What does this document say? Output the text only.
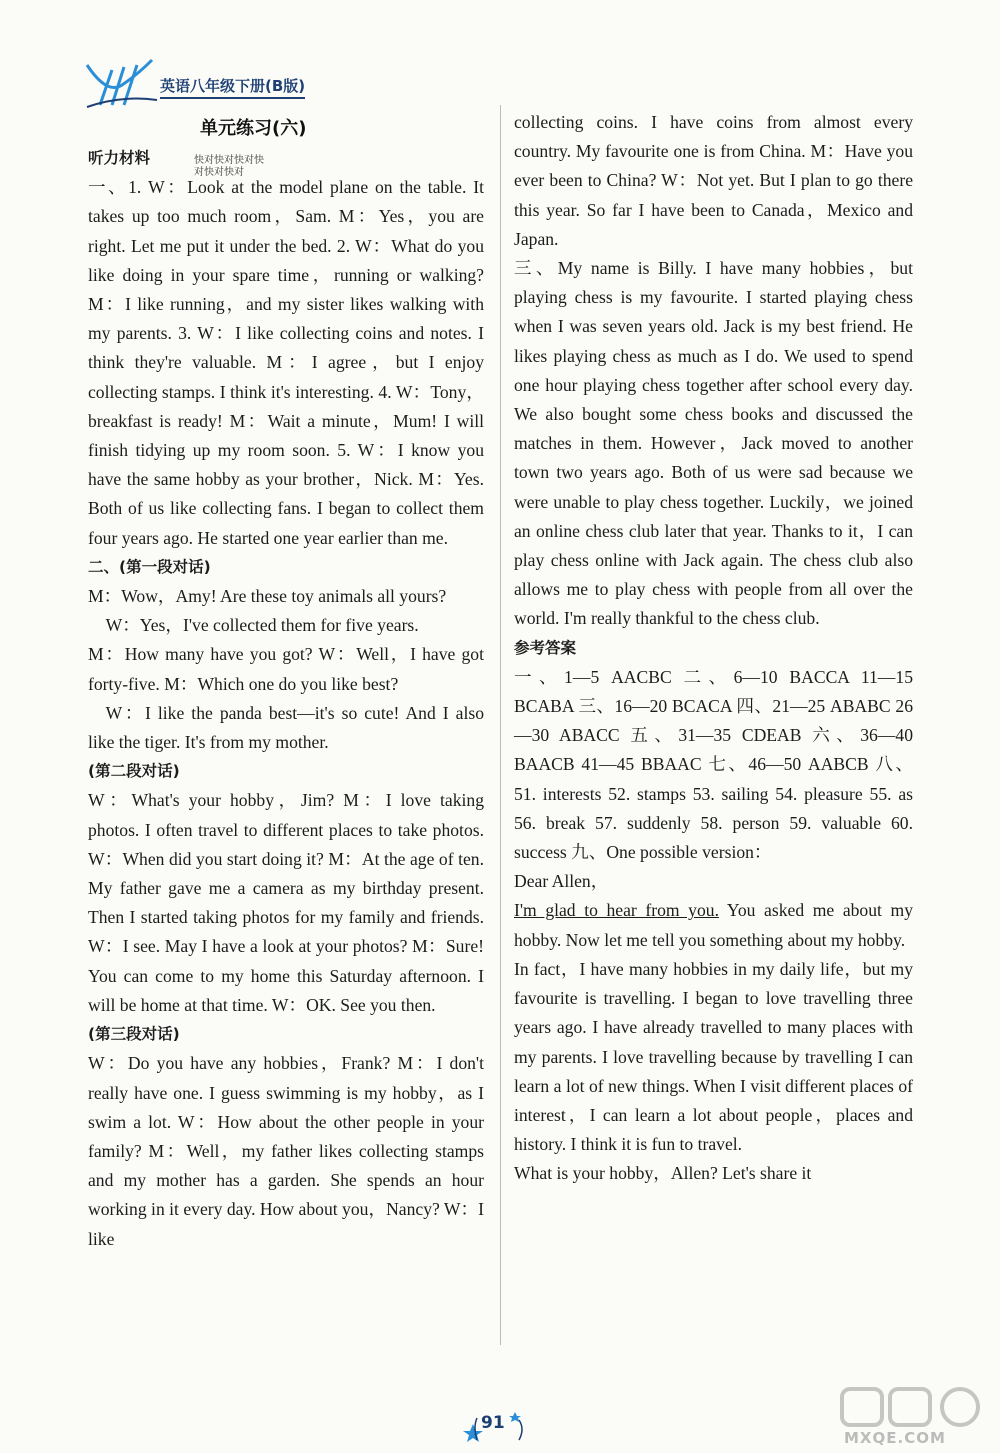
英语八年级下册(B版)
单元练习(六)
快对快对快对快对快对快对

听力材料

一、1. W：Look at the model plane on the table. It takes up too much room，Sam. M：Yes，you are right. Let me put it under the bed. 2. W：What do you like doing in your spare time，running or walking? M：I like running，and my sister likes walking with my parents. 3. W：I like collecting coins and notes. I think they're valuable. M：I agree，but I enjoy collecting stamps. I think it's interesting. 4. W：Tony，breakfast is ready! M：Wait a minute，Mum! I will finish tidying up my room soon. 5. W：I know you have the same hobby as your brother，Nick. M：Yes. Both of us like collecting fans. I began to collect them four years ago. He started one year earlier than me.

二、(第一段对话)

M：Wow，Amy! Are these toy animals all yours?

W：Yes，I've collected them for five years.

M：How many have you got? W：Well，I have got forty-five. M：Which one do you like best?

W：I like the panda best—it's so cute! And I also like the tiger. It's from my mother.

(第二段对话)

W：What's your hobby，Jim? M：I love taking photos. I often travel to different places to take photos. W：When did you start doing it? M：At the age of ten. My father gave me a camera as my birthday present. Then I started taking photos for my family and friends. W：I see. May I have a look at your photos? M：Sure! You can come to my home this Saturday afternoon. I will be home at that time. W：OK. See you then.

(第三段对话)

W：Do you have any hobbies，Frank? M：I don't really have one. I guess swimming is my hobby，as I swim a lot. W：How about the other people in your family? M：Well，my father likes collecting stamps and my mother has a garden. She spends an hour working in it every day. How about you，Nancy? W：I like

collecting coins. I have coins from almost every country. My favourite one is from China. M：Have you ever been to China? W：Not yet. But I plan to go there this year. So far I have been to Canada，Mexico and Japan.

三、My name is Billy. I have many hobbies，but playing chess is my favourite. I started playing chess when I was seven years old. Jack is my best friend. He likes playing chess as much as I do. We used to spend one hour playing chess together after school every day. We also bought some chess books and discussed the matches in them. However，Jack moved to another town two years ago. Both of us were sad because we were unable to play chess together. Luckily，we joined an online chess club later that year. Thanks to it，I can play chess online with Jack again. The chess club also allows me to play chess with people from all over the world. I'm really thankful to the chess club.

参考答案

一、1—5 AACBC 二、6—10 BACCA 11—15 BCABA 三、16—20 BCACA 四、21—25 ABABC 26—30 ABACC 五、31—35 CDEAB 六、36—40 BAACB 41—45 BBAAC 七、46—50 AABCB 八、51. interests 52. stamps 53. sailing 54. pleasure 55. as 56. break 57. suddenly 58. person 59. valuable 60. success 九、One possible version：

Dear Allen，

I'm glad to hear from you. You asked me about my hobby. Now let me tell you something about my hobby.

In fact，I have many hobbies in my daily life，but my favourite is travelling. I began to love travelling three years ago. I have already travelled to many places with my parents. I love travelling because by travelling I can learn a lot of new things. When I visit different places of interest，I can learn a lot about people，places and history. I think it is fun to travel.

What is your hobby，Allen? Let's share it

91
MXQE.COM
